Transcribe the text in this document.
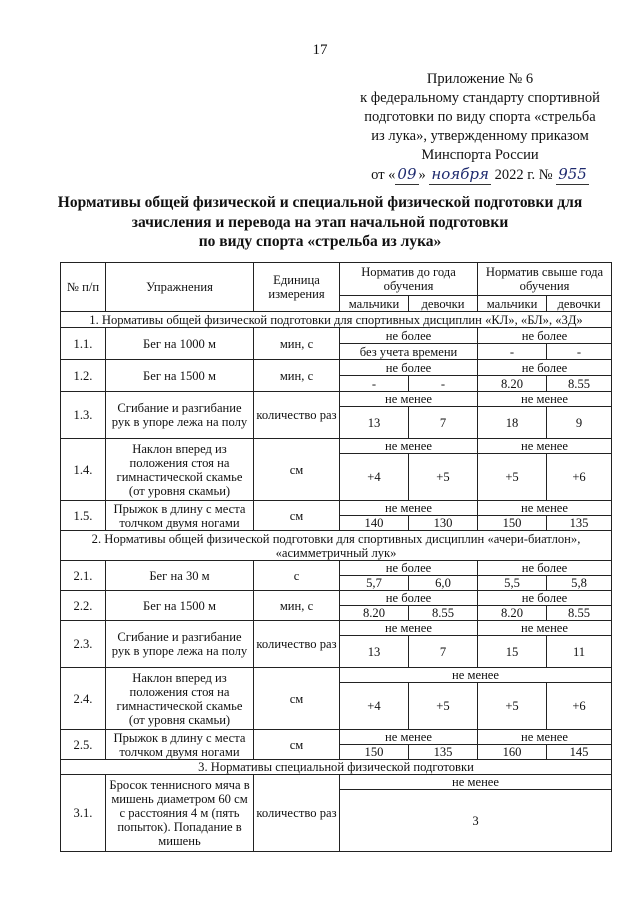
17
Приложение № 6
к федеральному стандарту спортивной
подготовки по виду спорта «стрельба
из лука», утвержденному приказом
Минспорта России
от « 09 » ноября 2022 г. № 955
Нормативы общей физической и специальной физической подготовки для
зачисления и перевода на этап начальной подготовки
по виду спорта «стрельба из лука»
№ п/п	Упражнения	Единица измерения	Норматив до года обучения		Норматив свыше года обучения	
			мальчики	девочки	мальчики	девочки
1. Нормативы общей физической подготовки для спортивных дисциплин «КЛ», «БЛ», «3Д»						
1.1.	Бег на 1000 м	мин, с	не более		не более	
			без учета времени		-	-
1.2.	Бег на 1500 м	мин, с	не более		не более	
			-	-	8.20	8.55
1.3.	Сгибание и разгибание рук в упоре лежа на полу	количество раз	не менее		не менее	
			13	7	18	9
1.4.	Наклон вперед из положения стоя на гимнастической скамье (от уровня скамьи)	см	не менее		не менее	
			+4	+5	+5	+6
1.5.	Прыжок в длину с места толчком двумя ногами	см	не менее		не менее	
			140	130	150	135
2. Нормативы общей физической подготовки для спортивных дисциплин «ачери-биатлон», «асимметричный лук»						
2.1.	Бег на 30 м	с	не более		не более	
			5,7	6,0	5,5	5,8
2.2.	Бег на 1500 м	мин, с	не более		не более	
			8.20	8.55	8.20	8.55
2.3.	Сгибание и разгибание рук в упоре лежа на полу	количество раз	не менее		не менее	
			13	7	15	11
2.4.	Наклон вперед из положения стоя на гимнастической скамье (от уровня скамьи)	см	не менее			
			+4	+5	+5	+6
2.5.	Прыжок в длину с места толчком двумя ногами	см	не менее		не менее	
			150	135	160	145
3. Нормативы специальной физической подготовки						
3.1.	Бросок теннисного мяча в мишень диаметром 60 см с расстояния 4 м (пять попыток). Попадание в мишень	количество раз	не менее			
			3			
